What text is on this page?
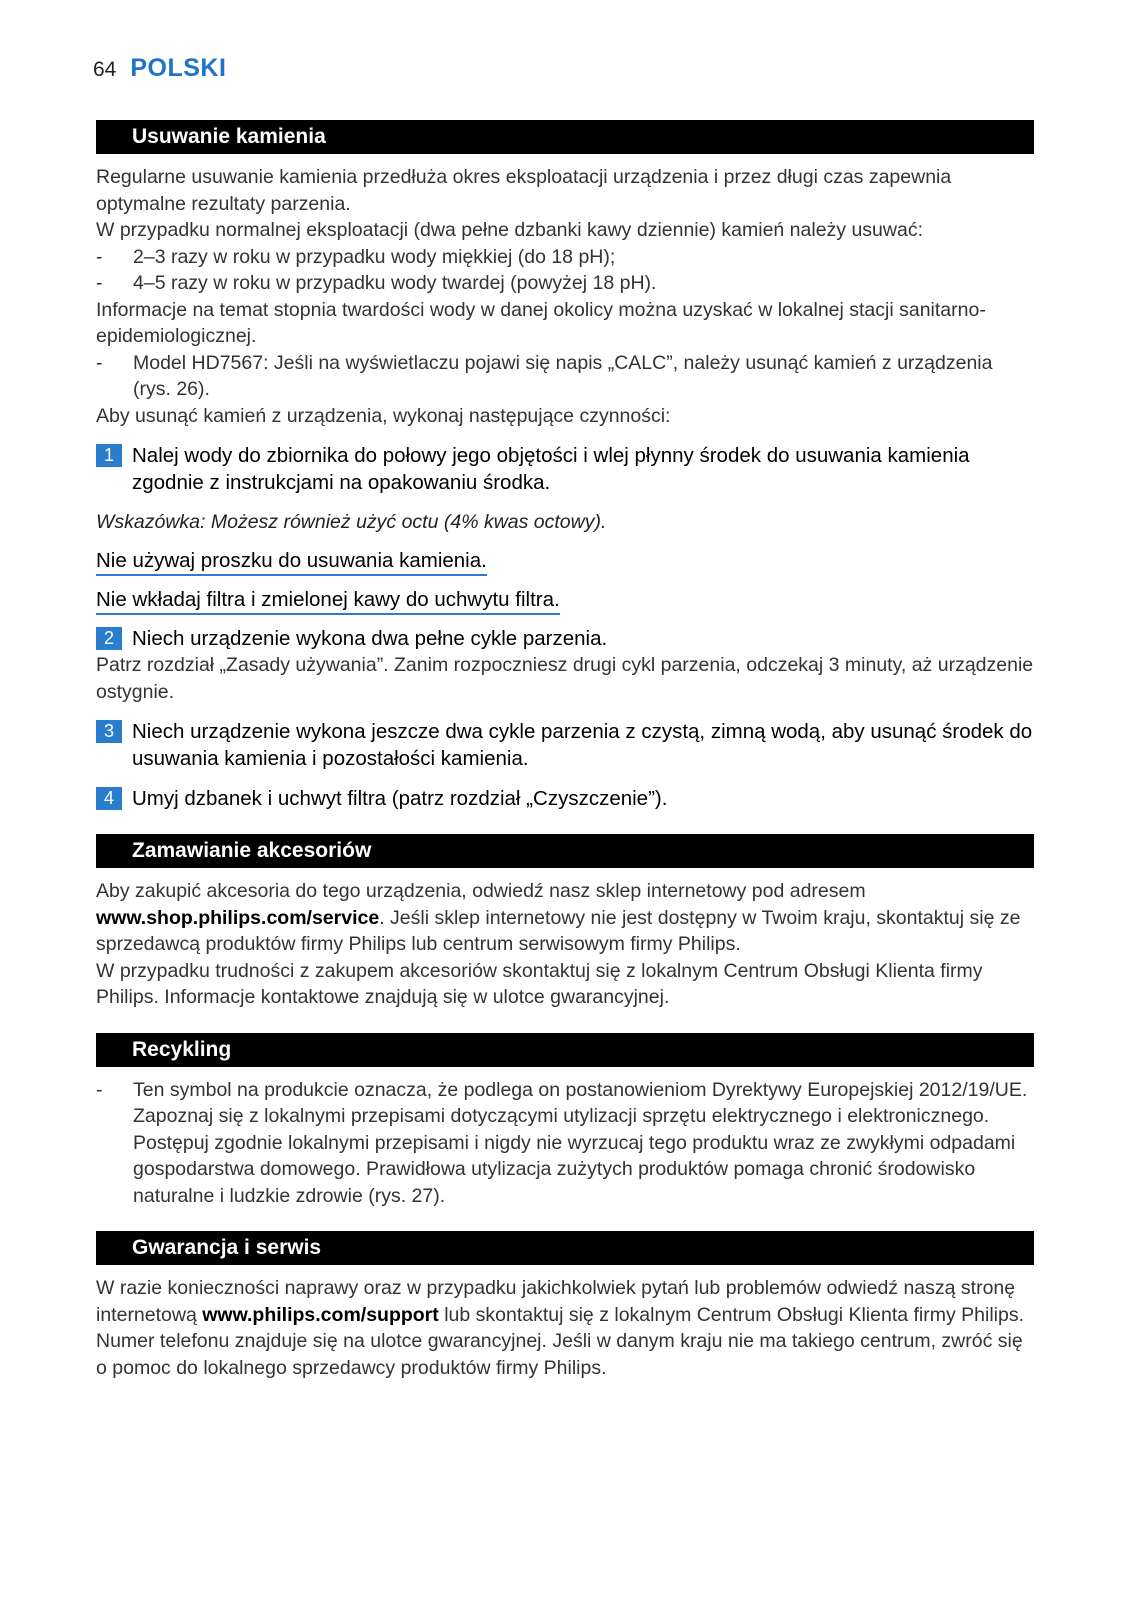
64 POLSKI
Usuwanie kamienia

Regularne usuwanie kamienia przedłuża okres eksploatacji urządzenia i przez długi czas zapewnia optymalne rezultaty parzenia.

W przypadku normalnej eksploatacji (dwa pełne dzbanki kawy dziennie) kamień należy usuwać:

-	2–3 razy w roku w przypadku wody miękkiej (do 18 pH);
-	4–5 razy w roku w przypadku wody twardej (powyżej 18 pH).

Informacje na temat stopnia twardości wody w danej okolicy można uzyskać w lokalnej stacji sanitarno-epidemiologicznej.

-	Model HD7567: Jeśli na wyświetlaczu pojawi się napis „CALC”, należy usunąć kamień z urządzenia (rys. 26).

Aby usunąć kamień z urządzenia, wykonaj następujące czynności:

1 Nalej wody do zbiornika do połowy jego objętości i wlej płynny środek do usuwania kamienia zgodnie z instrukcjami na opakowaniu środka.

Wskazówka: Możesz również użyć octu (4% kwas octowy).

Nie używaj proszku do usuwania kamienia.

Nie wkładaj filtra i zmielonej kawy do uchwytu filtra.

2 Niech urządzenie wykona dwa pełne cykle parzenia.

Patrz rozdział „Zasady używania”. Zanim rozpoczniesz drugi cykl parzenia, odczekaj 3 minuty, aż urządzenie ostygnie.

3 Niech urządzenie wykona jeszcze dwa cykle parzenia z czystą, zimną wodą, aby usunąć środek do usuwania kamienia i pozostałości kamienia.
4 Umyj dzbanek i uchwyt filtra (patrz rozdział „Czyszczenie”).
Zamawianie akcesoriów

Aby zakupić akcesoria do tego urządzenia, odwiedź nasz sklep internetowy pod adresem www.shop.philips.com/service. Jeśli sklep internetowy nie jest dostępny w Twoim kraju, skontaktuj się ze sprzedawcą produktów firmy Philips lub centrum serwisowym firmy Philips.

W przypadku trudności z zakupem akcesoriów skontaktuj się z lokalnym Centrum Obsługi Klienta firmy Philips. Informacje kontaktowe znajdują się w ulotce gwarancyjnej.

Recykling
-	Ten symbol na produkcie oznacza, że podlega on postanowieniom Dyrektywy Europejskiej 2012/19/UE. Zapoznaj się z lokalnymi przepisami dotyczącymi utylizacji sprzętu elektrycznego i elektronicznego. Postępuj zgodnie lokalnymi przepisami i nigdy nie wyrzucaj tego produktu wraz ze zwykłymi odpadami gospodarstwa domowego. Prawidłowa utylizacja zużytych produktów pomaga chronić środowisko naturalne i ludzkie zdrowie (rys. 27).
Gwarancja i serwis

W razie konieczności naprawy oraz w przypadku jakichkolwiek pytań lub problemów odwiedź naszą stronę internetową www.philips.com/support lub skontaktuj się z lokalnym Centrum Obsługi Klienta firmy Philips. Numer telefonu znajduje się na ulotce gwarancyjnej. Jeśli w danym kraju nie ma takiego centrum, zwróć się o pomoc do lokalnego sprzedawcy produktów firmy Philips.
